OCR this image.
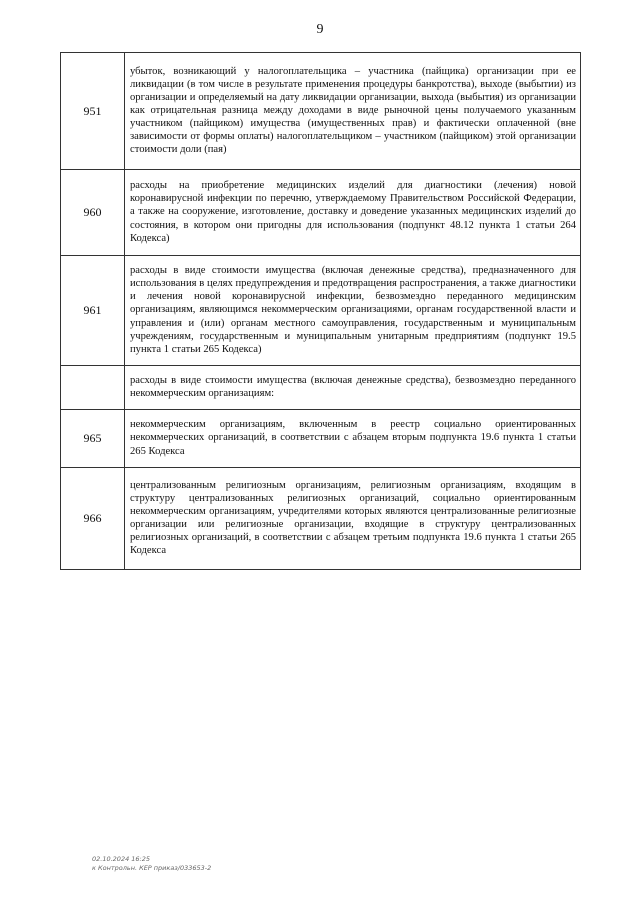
9
951	убыток, возникающий у налогоплательщика – участника (пайщика) организации при ее ликвидации (в том числе в результате применения процедуры банкротства), выходе (выбытии) из организации и определяемый на дату ликвидации организации, выхода (выбытия) из организации как отрицательная разница между доходами в виде рыночной цены получаемого указанным участником (пайщиком) имущества (имущественных прав) и фактически оплаченной (вне зависимости от формы оплаты) налогоплательщиком – участником (пайщиком) этой организации стоимости доли (пая)
960	расходы на приобретение медицинских изделий для диагностики (лечения) новой коронавирусной инфекции по перечню, утверждаемому Правительством Российской Федерации, а также на сооружение, изготовление, доставку и доведение указанных медицинских изделий до состояния, в котором они пригодны для использования (подпункт 48.12 пункта 1 статьи 264 Кодекса)
961	расходы в виде стоимости имущества (включая денежные средства), предназначенного для использования в целях предупреждения и предотвращения распространения, а также диагностики и лечения новой коронавирусной инфекции, безвозмездно переданного медицинским организациям, являющимся некоммерческим организациями, органам государственной власти и управления и (или) органам местного самоуправления, государственным и муниципальным учреждениям, государственным и муниципальным унитарным предприятиям (подпункт 19.5 пункта 1 статьи 265 Кодекса)
	расходы в виде стоимости имущества (включая денежные средства), безвозмездно переданного некоммерческим организациям:
965	некоммерческим организациям, включенным в реестр социально ориентированных некоммерческих организаций, в соответствии с абзацем вторым подпункта 19.6 пункта 1 статьи 265 Кодекса
966	централизованным религиозным организациям, религиозным организациям, входящим в структуру централизованных религиозных организаций, социально ориентированным некоммерческим организациям, учредителями которых являются централизованные религиозные организации или религиозные организации, входящие в структуру централизованных религиозных организаций, в соответствии с абзацем третьим подпункта 19.6 пункта 1 статьи 265 Кодекса
02.10.2024 16:25
к Контрольн. КЕР приказ/033653-2
